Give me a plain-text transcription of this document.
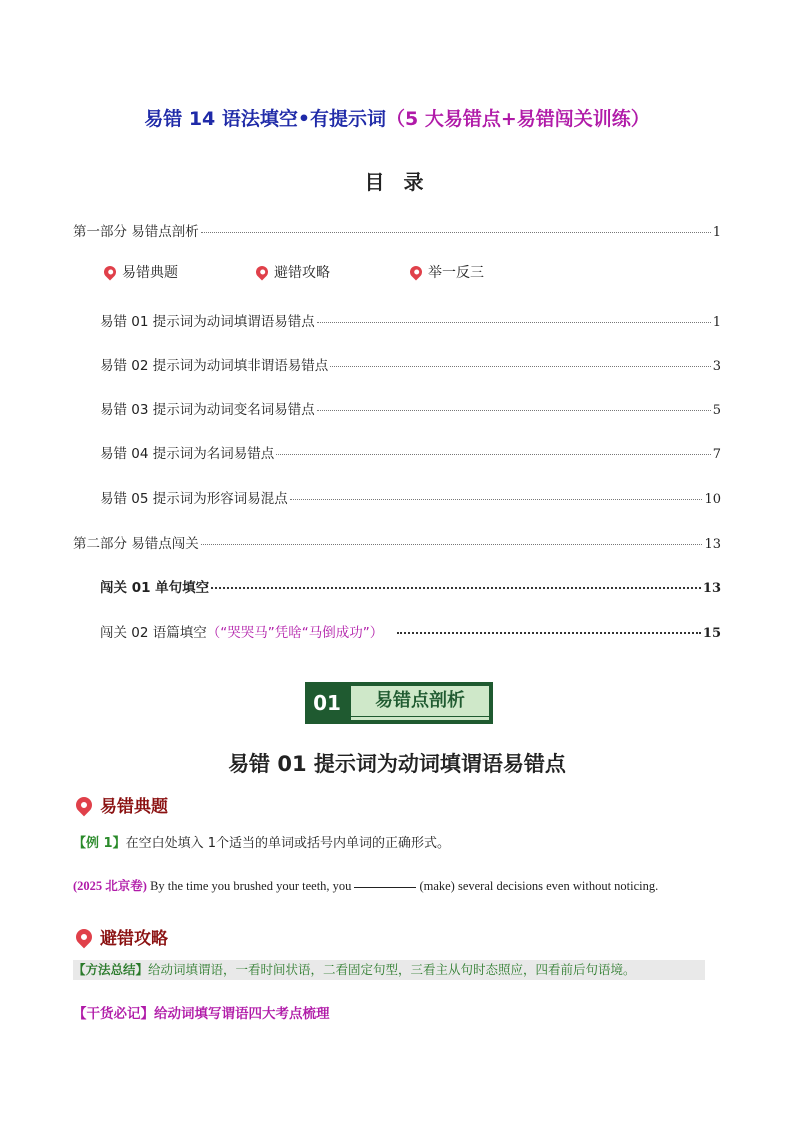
易错 14 语法填空•有提示词（5 大易错点+易错闯关训练）
目 录
第一部分 易错点剖析	1
易错典题	避错攻略	举一反三
易错 01 提示词为动词填谓语易错点	1
易错 02 提示词为动词填非谓语易错点	3
易错 03 提示词为动词变名词易错点	5
易错 04 提示词为名词易错点	7
易错 05 提示词为形容词易混点	10
第二部分 易错点闯关	13
闯关 01 单句填空	13
闯关 02 语篇填空（“哭哭马”凭啥“马倒成功”）	15
01	易错点剖析
易错 01 提示词为动词填谓语易错点
易错典题
【例 1】在空白处填入 1个适当的单词或括号内单词的正确形式。
(2025 北京卷) By the time you brushed your teeth, you	(make) several decisions even without noticing.
避错攻略
【方法总结】给动词填谓语，一看时间状语，二看固定句型，三看主从句时态照应，四看前后句语境。
【干货必记】给动词填写谓语四大考点梳理
